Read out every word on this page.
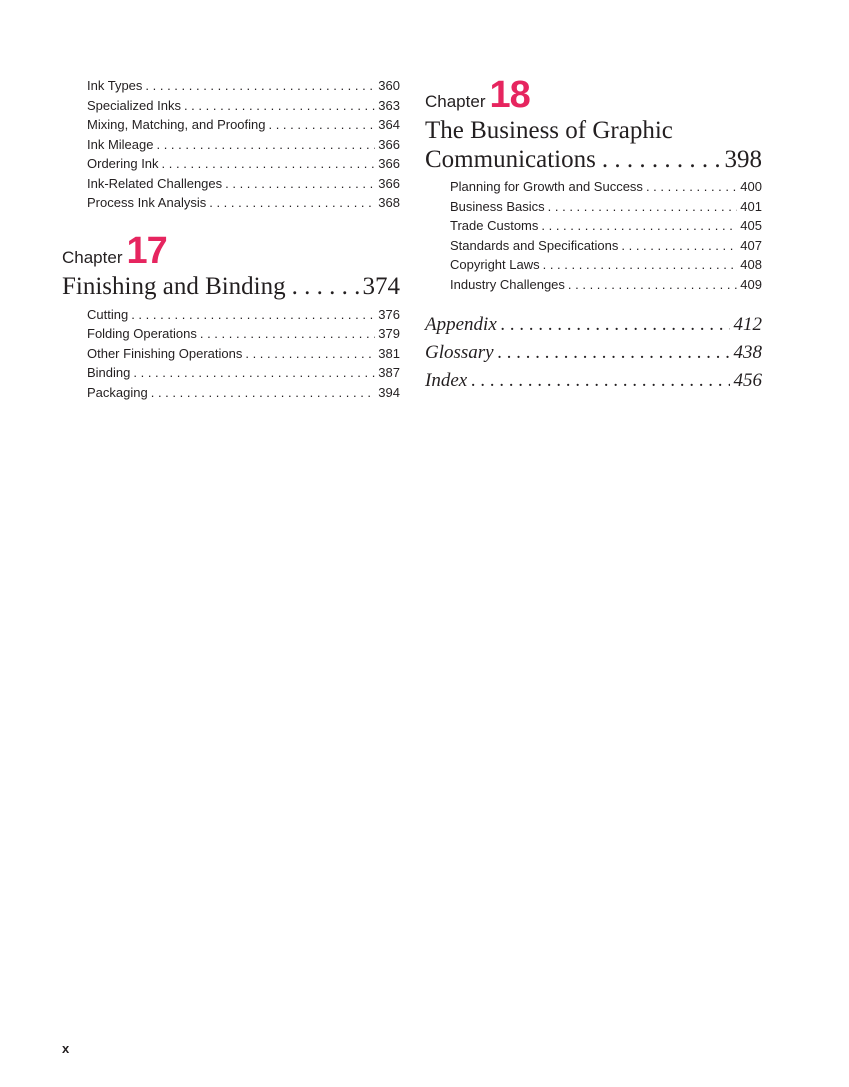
Ink Types . . .	360
Specialized Inks . . .	363
Mixing, Matching, and Proofing . . .	364
Ink Mileage . . .	366
Ordering Ink . . .	366
Ink-Related Challenges . . .	366
Process Ink Analysis . . .	368
Chapter 17
Finishing and Binding . . .	374
Cutting . . .	376
Folding Operations . . .	379
Other Finishing Operations . . .	381
Binding . . .	387
Packaging . . .	394
Chapter 18
The Business of Graphic
Communications . . .	398
Planning for Growth and Success . . .	400
Business Basics . . .	401
Trade Customs . . .	405
Standards and Specifications . . .	407
Copyright Laws . . .	408
Industry Challenges . . .	409
Appendix . . .	412
Glossary . . .	438
Index . . .	456
x
